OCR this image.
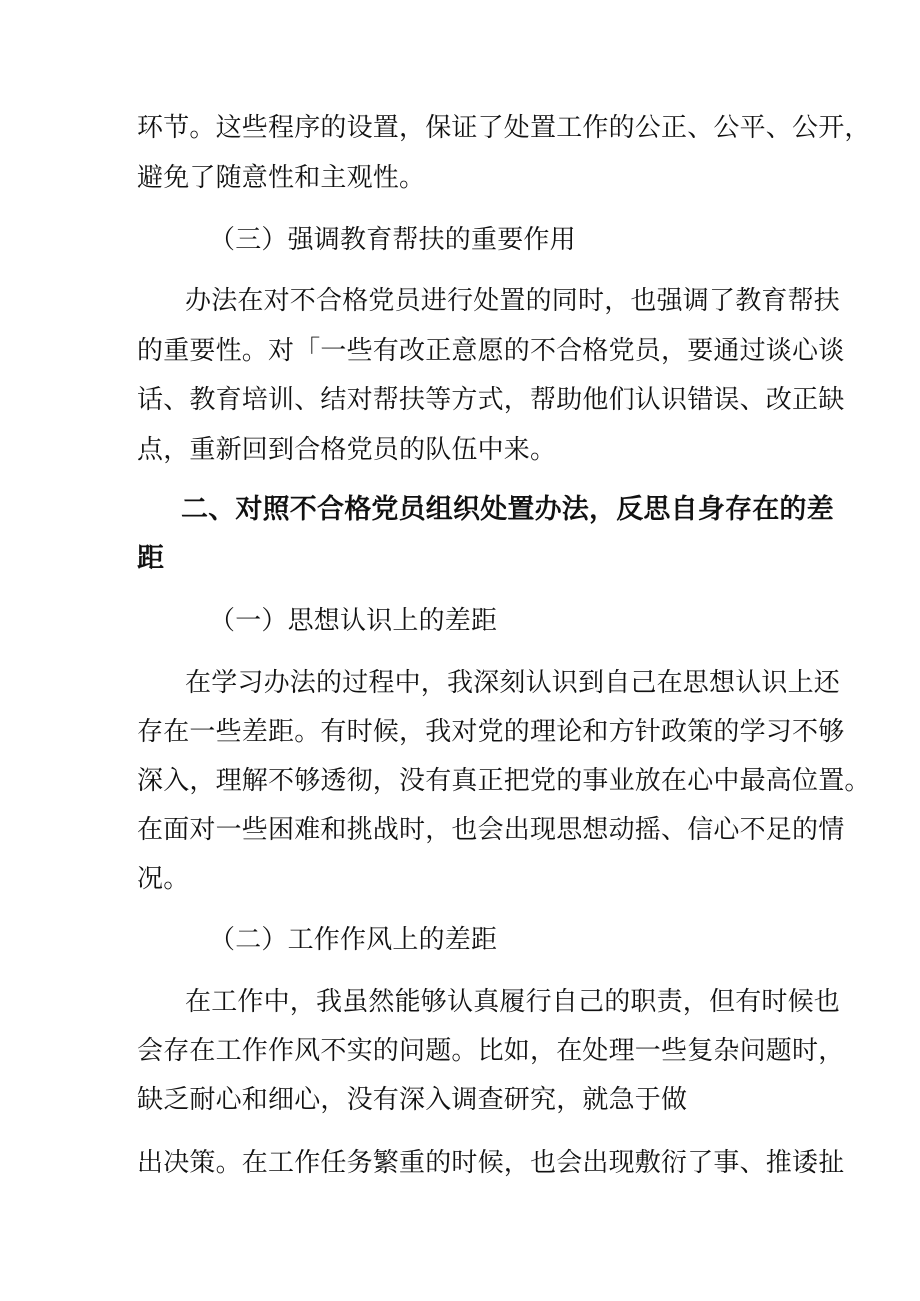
环节。这些程序的设置，保证了处置工作的公正、公平、公开，
避免了随意性和主观性。
（三）强调教育帮扶的重要作用
办法在对不合格党员进行处置的同时，也强调了教育帮扶
的重要性。对「一些有改正意愿的不合格党员，要通过谈心谈
话、教育培训、结对帮扶等方式，帮助他们认识错误、改正缺
点，重新回到合格党员的队伍中来。
二、对照不合格党员组织处置办法，反思自身存在的差
距
（一）思想认识上的差距
在学习办法的过程中，我深刻认识到自己在思想认识上还
存在一些差距。有时候，我对党的理论和方针政策的学习不够
深入，理解不够透彻，没有真正把党的事业放在心中最高位置。
在面对一些困难和挑战时，也会出现思想动摇、信心不足的情
况。
（二）工作作风上的差距
在工作中，我虽然能够认真履行自己的职责，但有时候也
会存在工作作风不实的问题。比如，在处理一些复杂问题时，
缺乏耐心和细心，没有深入调查研究，就急于做
出决策。在工作任务繁重的时候，也会出现敷衍了事、推诿扯
